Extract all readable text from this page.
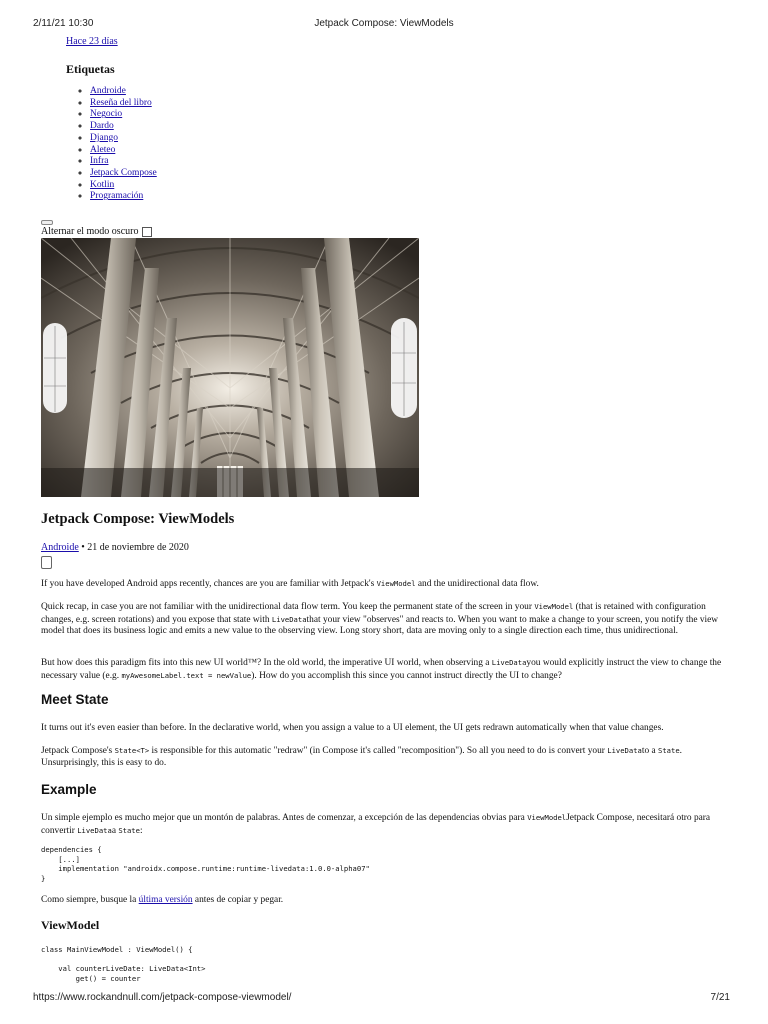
2/11/21 10:30	Jetpack Compose: ViewModels
Hace 23 días
Etiquetas
◦ Androide
◦ Reseña del libro
◦ Negocio
◦ Dardo
◦ Django
◦ Aleteo
◦ Infra
◦ Jetpack Compose
◦ Kotlin
◦ Programación
Alternar el modo oscuro
Jetpack Compose: ViewModels
Androide • 21 de noviembre de 2020

If you have developed Android apps recently, chances are you are familiar with Jetpack's ViewModel and the unidirectional data flow.

Quick recap, in case you are not familiar with the unidirectional data flow term. You keep the permanent state of the screen in your ViewModel (that is retained with configuration changes, e.g. screen rotations) and you expose that state with LiveDatathat your view "observes" and reacts to. When you want to make a change to your screen, you notify the view model that does its business logic and emits a new value to the observing view. Long story short, data are moving only to a single direction each time, thus unidirectional.

But how does this paradigm fits into this new UI world™? In the old world, the imperative UI world, when observing a LiveDatayou would explicitly instruct the view to change the necessary value (e.g. myAwesomeLabel.text = newValue). How do you accomplish this since you cannot instruct directly the UI to change?

Meet State

It turns out it's even easier than before. In the declarative world, when you assign a value to a UI element, the UI gets redrawn automatically when that value changes.

Jetpack Compose's State<T> is responsible for this automatic "redraw" (in Compose it's called "recomposition"). So all you need to do is convert your LiveDatato a State. Unsurprisingly, this is easy to do.

Example

Un simple ejemplo es mucho mejor que un montón de palabras. Antes de comenzar, a excepción de las dependencias obvias para ViewModelJetpack Compose, necesitará otro para convertir LiveDataa State:

dependencies {
[...]
implementation "androidx.compose.runtime:runtime-livedata:1.0.0-alpha07"
}

Como siempre, busque la última versión antes de copiar y pegar.

ViewModel
class MainViewModel : ViewModel() {

val counterLiveDate: LiveData<Int>
get() = counter
https://www.rockandnull.com/jetpack-compose-viewmodel/	7/21
